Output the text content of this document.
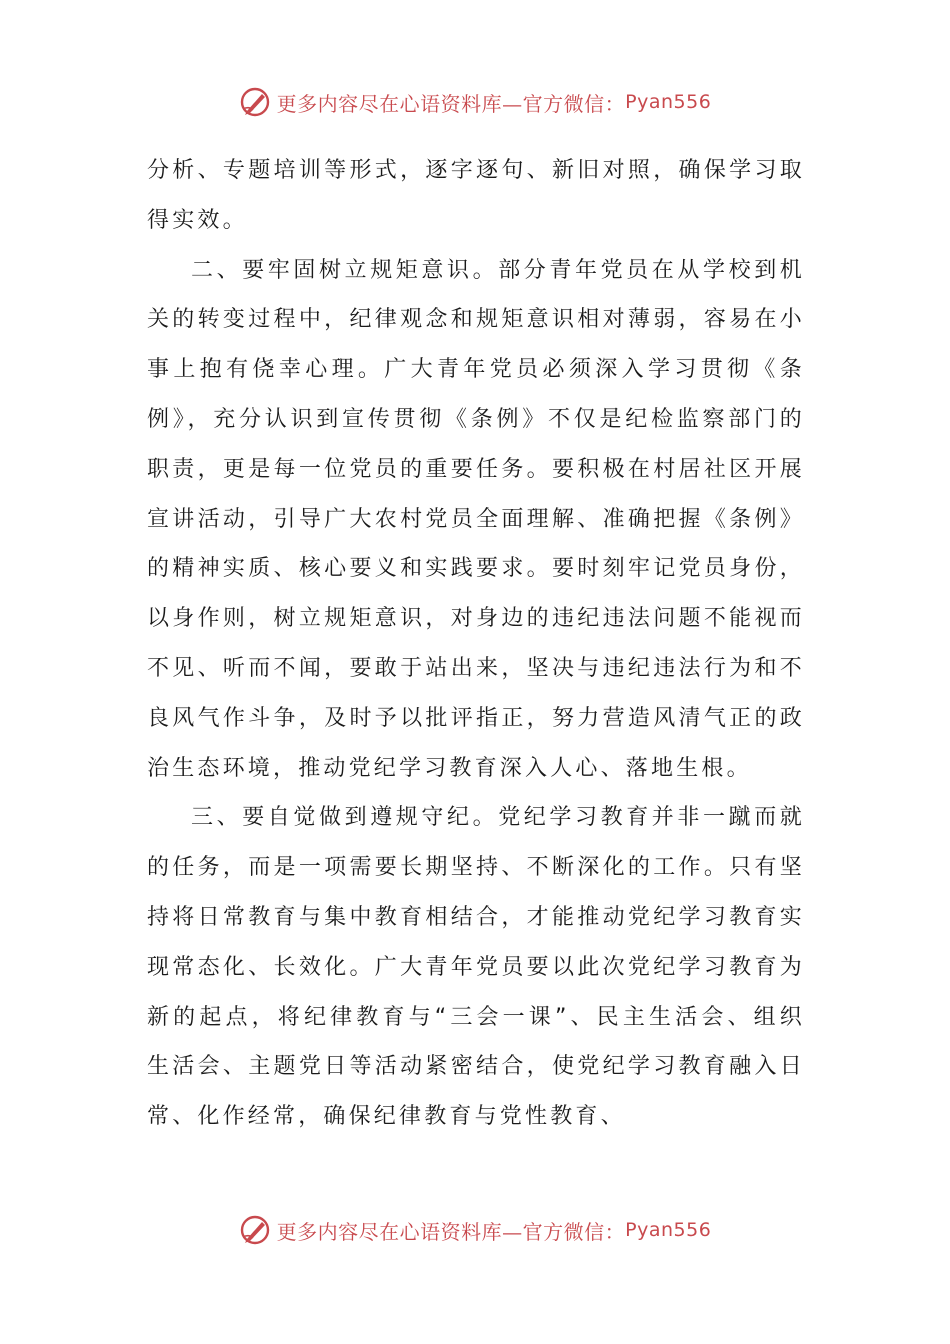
更多内容尽在心语资料库—官方微信： Pyan556

分析、专题培训等形式，逐字逐句、新旧对照，确保学习取得实效。

二、要牢固树立规矩意识。部分青年党员在从学校到机关的转变过程中，纪律观念和规矩意识相对薄弱，容易在小事上抱有侥幸心理。广大青年党员必须深入学习贯彻《条例》，充分认识到宣传贯彻《条例》不仅是纪检监察部门的职责，更是每一位党员的重要任务。要积极在村居社区开展宣讲活动，引导广大农村党员全面理解、准确把握《条例》的精神实质、核心要义和实践要求。要时刻牢记党员身份，以身作则，树立规矩意识，对身边的违纪违法问题不能视而不见、听而不闻，要敢于站出来，坚决与违纪违法行为和不良风气作斗争，及时予以批评指正，努力营造风清气正的政治生态环境，推动党纪学习教育深入人心、落地生根。

三、要自觉做到遵规守纪。党纪学习教育并非一蹴而就的任务，而是一项需要长期坚持、不断深化的工作。只有坚持将日常教育与集中教育相结合，才能推动党纪学习教育实现常态化、长效化。广大青年党员要以此次党纪学习教育为新的起点，将纪律教育与“三会一课”、民主生活会、组织生活会、主题党日等活动紧密结合，使党纪学习教育融入日常、化作经常，确保纪律教育与党性教育、

更多内容尽在心语资料库—官方微信： Pyan556
